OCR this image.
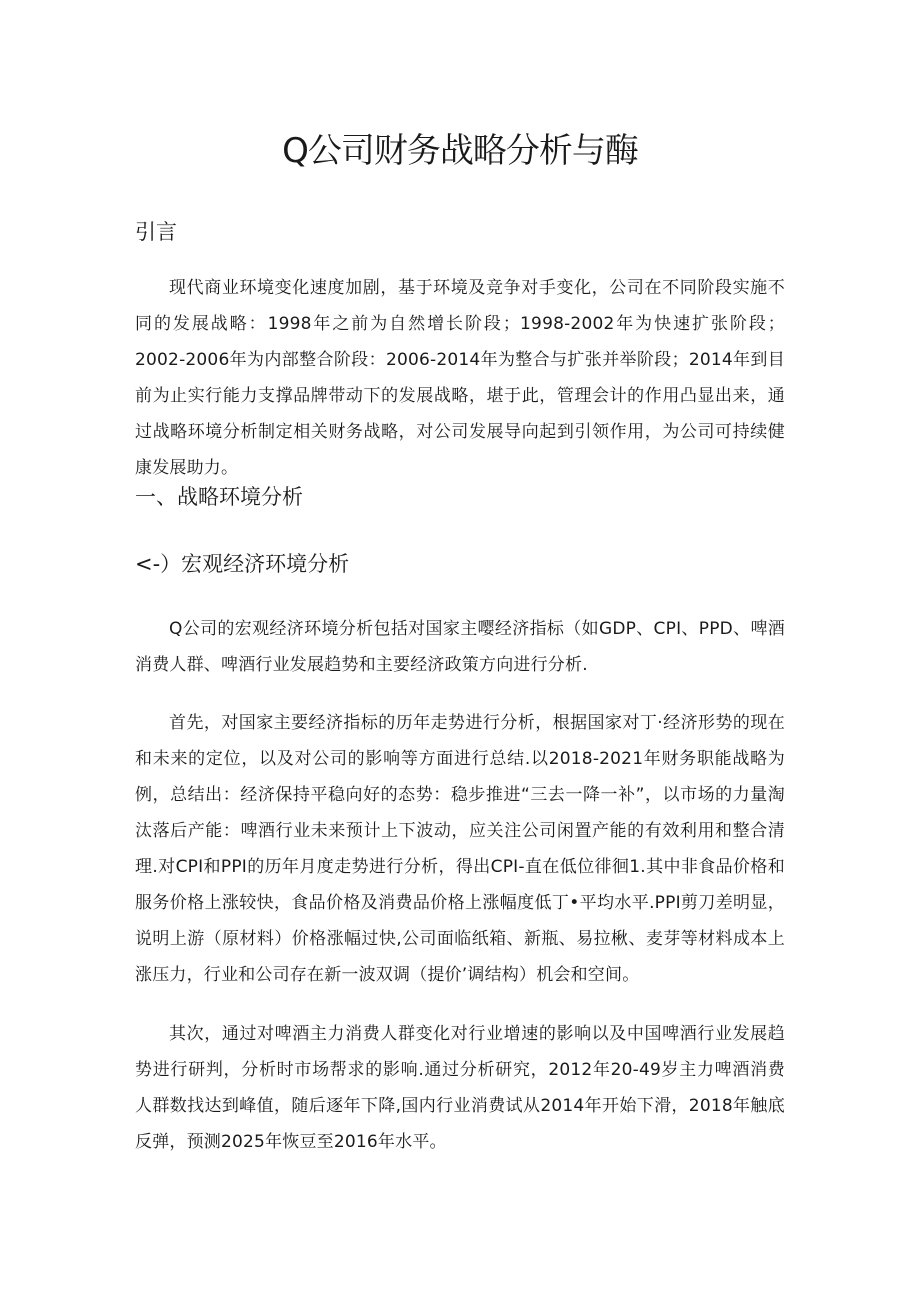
Q公司财务战略分析与酶
引言

现代商业环境变化速度加剧，基于环境及竞争对手变化，公司在不同阶段实施不同的发展战略：1998年之前为自然增长阶段；1998-2002年为快速扩张阶段；2002-2006年为内部整合阶段：2006-2014年为整合与扩张并举阶段；2014年到目前为止实行能力支撑品牌带动下的发展战略，堪于此，管理会计的作用凸显出来，通过战略环境分析制定相关财务战略，对公司发展导向起到引领作用，为公司可持续健康发展助力。

一、战略环境分析
<-）宏观经济环境分析

Q公司的宏观经济环境分析包括对国家主嘤经济指标（如GDP、CPI、PPD、啤酒消费人群、啤酒行业发展趋势和主要经济政策方向进行分析.

首先，对国家主要经济指标的历年走势进行分析，根据国家对丁·经济形势的现在和未来的定位，以及对公司的影响等方面进行总结.以2018-2021年财务职能战略为例，总结出：经济保持平稳向好的态势：稳步推进“三去一降一补”，以市场的力量淘汰落后产能：啤酒行业未来预计上下波动，应关注公司闲置产能的有效利用和整合清理.对CPI和PPI的历年月度走势进行分析，得出CPI-直在低位徘徊1.其中非食品价格和服务价格上涨较快，食品价格及消费品价格上涨幅度低丁•平均水平.PPI剪刀差明显，说明上游（原材料）价格涨幅过快,公司面临纸箱、新瓶、易拉楸、麦芽等材料成本上涨压力，行业和公司存在新一波双调（提价’调结构）机会和空间。

其次，通过对啤酒主力消费人群变化对行业增速的影响以及中国啤酒行业发展趋势进行研判，分析时市场帮求的影响.通过分析研究，2012年20-49岁主力啤酒消费人群数找达到峰值，随后逐年下降,国内行业消费试从2014年开始下滑，2018年触底反弹，预测2025年恢豆至2016年水平。
